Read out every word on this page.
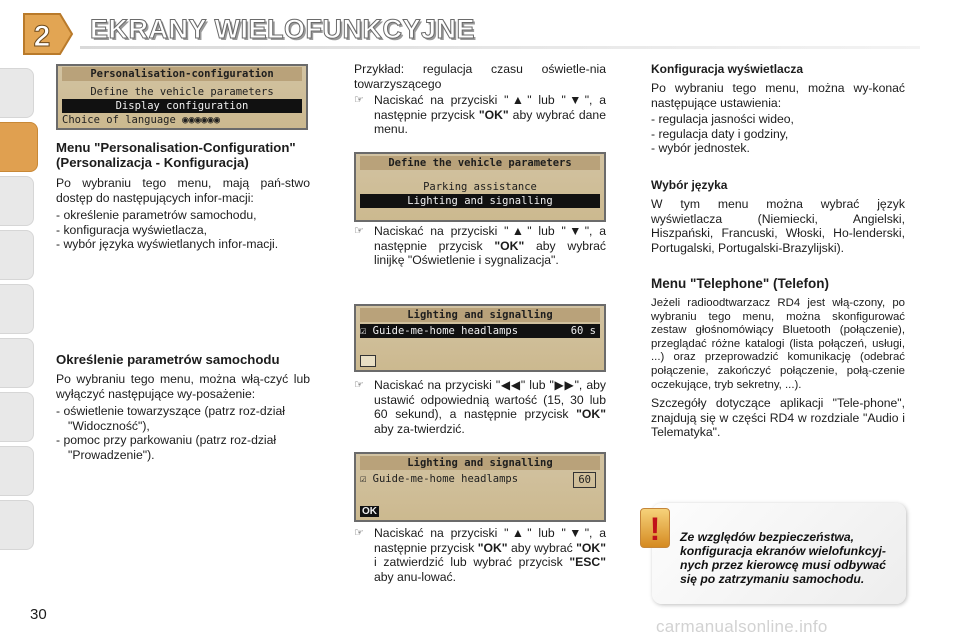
2 EKRANY WIELOFUNKCYJNE
Personalisation-configuration
Define the vehicle parameters
Display configuration
Choice of language ◉◉◉◉◉◉
Menu "Personalisation-Configuration" (Personalizacja - Konfiguracja)
Po wybraniu tego menu, mają pań-stwo dostęp do następujących infor-macji:
- określenie parametrów samochodu,
- konfiguracja wyświetlacza,
- wybór języka wyświetlanych infor-macji.
Określenie parametrów samochodu
Po wybraniu tego menu, można włą-czyć lub wyłączyć następujące wy-posażenie:
- oświetlenie towarzyszące (patrz roz-dział "Widoczność"),
- pomoc przy parkowaniu (patrz roz-dział "Prowadzenie").
Przykład: regulacja czasu oświetle-nia towarzyszącego
☞ Naciskać na przyciski "▲" lub "▼", a następnie przycisk "OK" aby wybrać dane menu.
Define the vehicle parameters
Parking assistance
Lighting and signalling
☞ Naciskać na przyciski "▲" lub "▼", a następnie przycisk "OK" aby wybrać linijkę "Oświetlenie i sygnalizacja".
Lighting and signalling
☑ Guide-me-home headlamps	60 s
☞ Naciskać na przyciski "◀◀" lub "▶▶", aby ustawić odpowiednią wartość (15, 30 lub 60 sekund), a następnie przycisk "OK" aby za-twierdzić.
Lighting and signalling
☑ Guide-me-home headlamps	60
OK
☞ Naciskać na przyciski "▲" lub "▼", a następnie przycisk "OK" aby wybrać "OK" i zatwierdzić lub wybrać przycisk "ESC" aby anu-lować.
Konfiguracja wyświetlacza
Po wybraniu tego menu, można wy-konać następujące ustawienia:
- regulacja jasności wideo,
- regulacja daty i godziny,
- wybór jednostek.
Wybór języka
W tym menu można wybrać język wyświetlacza (Niemiecki, Angielski, Hiszpański, Francuski, Włoski, Ho-lenderski, Portugalski, Portugalski-Brazylijski).
Menu "Telephone" (Telefon)
Jeżeli radioodtwarzacz RD4 jest włą-czony, po wybraniu tego menu, można skonfigurować zestaw głośnomówiący Bluetooth (połączenie), przeglądać różne katalogi (lista połączeń, usługi, ...) oraz przeprowadzić komunikację (odebrać połączenie, zakończyć połączenie, połą-czenie oczekujące, tryb sekretny, ...).
Szczegóły dotyczące aplikacji "Tele-phone", znajdują się w części RD4 w rozdziale "Audio i Telematyka".
!	Ze względów bezpieczeństwa, konfiguracja ekranów wielofunkcyj-nych przez kierowcę musi odbywać się po zatrzymaniu samochodu.
30
carmanualsonline.info
